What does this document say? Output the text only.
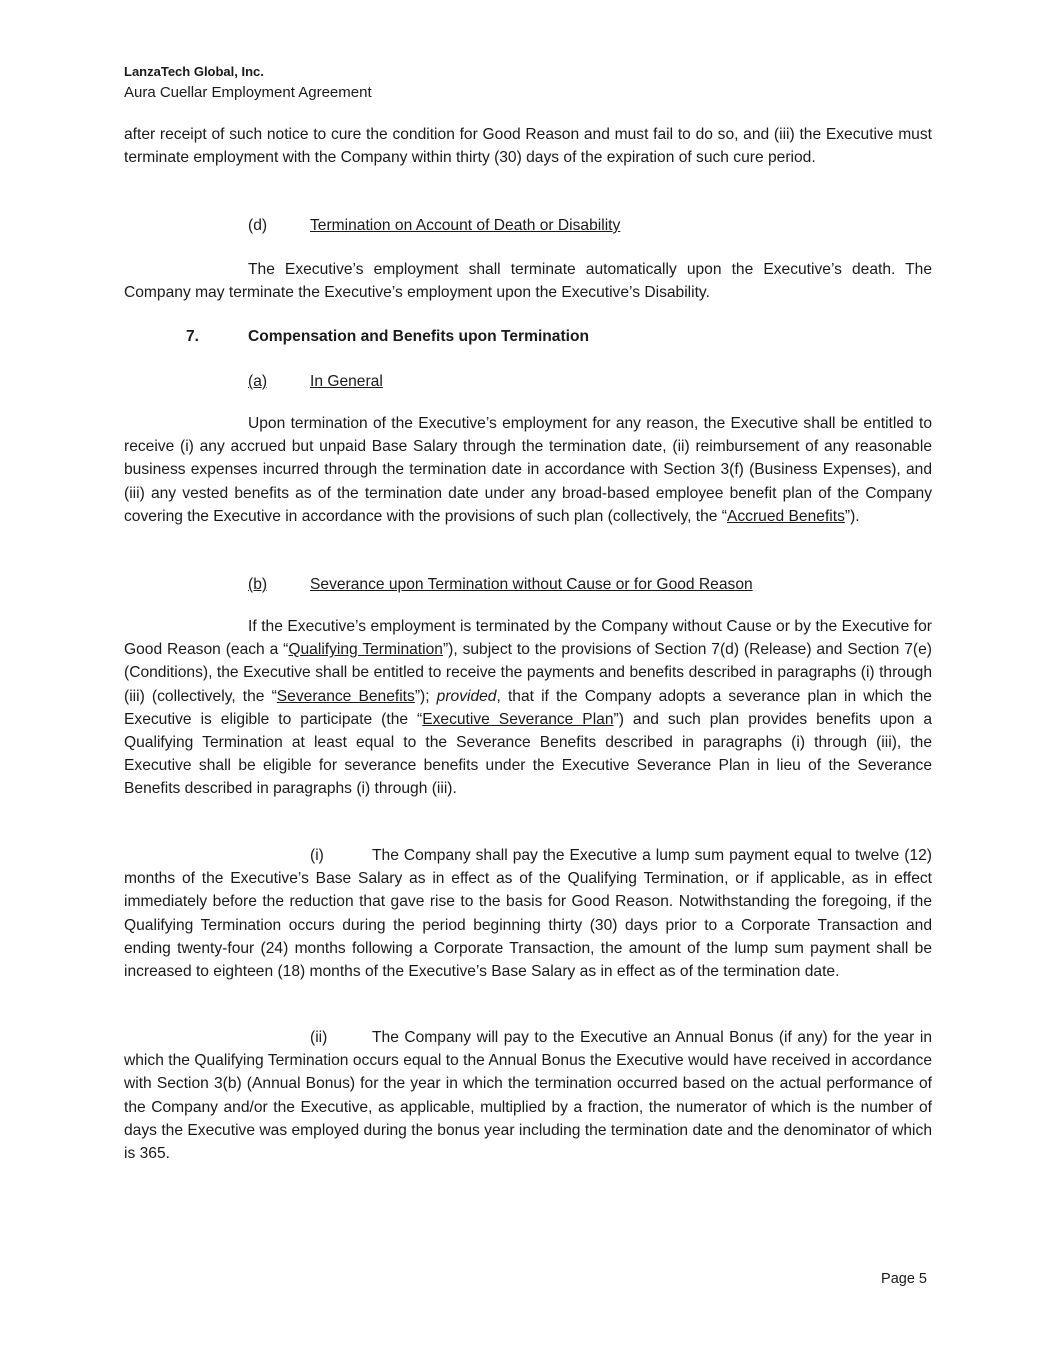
LanzaTech Global, Inc.
Aura Cuellar Employment Agreement
after receipt of such notice to cure the condition for Good Reason and must fail to do so, and (iii) the Executive must terminate employment with the Company within thirty (30) days of the expiration of such cure period.
(d)	Termination on Account of Death or Disability
The Executive’s employment shall terminate automatically upon the Executive’s death. The Company may terminate the Executive’s employment upon the Executive’s Disability.
7.	Compensation and Benefits upon Termination
(a)	In General
Upon termination of the Executive’s employment for any reason, the Executive shall be entitled to receive (i) any accrued but unpaid Base Salary through the termination date, (ii) reimbursement of any reasonable business expenses incurred through the termination date in accordance with Section 3(f) (Business Expenses), and (iii) any vested benefits as of the termination date under any broad-based employee benefit plan of the Company covering the Executive in accordance with the provisions of such plan (collectively, the “Accrued Benefits”).
(b)	Severance upon Termination without Cause or for Good Reason
If the Executive’s employment is terminated by the Company without Cause or by the Executive for Good Reason (each a “Qualifying Termination”), subject to the provisions of Section 7(d) (Release) and Section 7(e) (Conditions), the Executive shall be entitled to receive the payments and benefits described in paragraphs (i) through (iii) (collectively, the “Severance Benefits”); provided, that if the Company adopts a severance plan in which the Executive is eligible to participate (the “Executive Severance Plan”) and such plan provides benefits upon a Qualifying Termination at least equal to the Severance Benefits described in paragraphs (i) through (iii), the Executive shall be eligible for severance benefits under the Executive Severance Plan in lieu of the Severance Benefits described in paragraphs (i) through (iii).
(i)	The Company shall pay the Executive a lump sum payment equal to twelve (12) months of the Executive’s Base Salary as in effect as of the Qualifying Termination, or if applicable, as in effect immediately before the reduction that gave rise to the basis for Good Reason. Notwithstanding the foregoing, if the Qualifying Termination occurs during the period beginning thirty (30) days prior to a Corporate Transaction and ending twenty-four (24) months following a Corporate Transaction, the amount of the lump sum payment shall be increased to eighteen (18) months of the Executive’s Base Salary as in effect as of the termination date.
(ii)	The Company will pay to the Executive an Annual Bonus (if any) for the year in which the Qualifying Termination occurs equal to the Annual Bonus the Executive would have received in accordance with Section 3(b) (Annual Bonus) for the year in which the termination occurred based on the actual performance of the Company and/or the Executive, as applicable, multiplied by a fraction, the numerator of which is the number of days the Executive was employed during the bonus year including the termination date and the denominator of which is 365.
Page 5
